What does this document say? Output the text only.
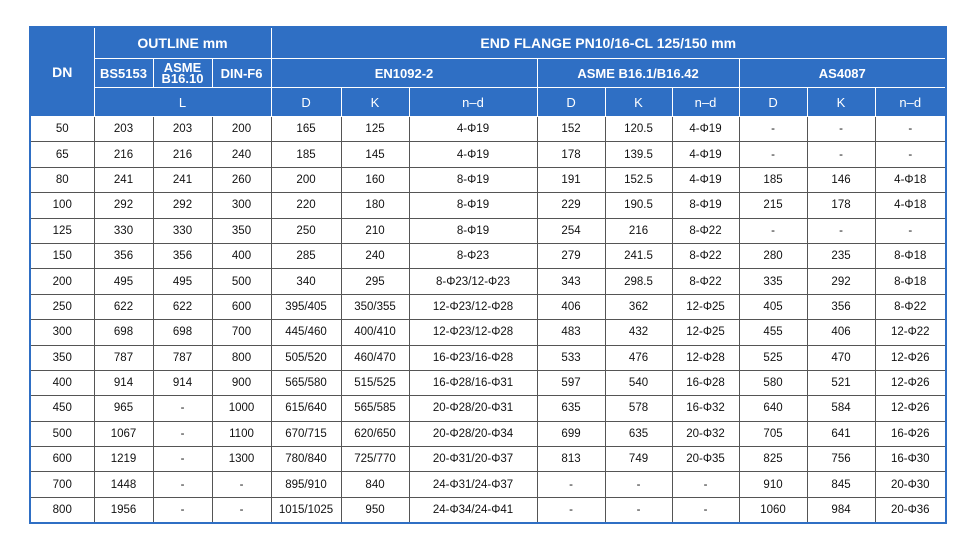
DN	OUTLINE mm			END FLANGE PN10/16-CL 125/150 mm								
	BS5153	ASME
B16.10	DIN-F6	EN1092-2			ASME B16.1/B16.42			AS4087		
	L			D	K	n–d	D	K	n–d	D	K	n–d
50	203	203	200	165	125	4-Φ19	152	120.5	4-Φ19	-	-	-
65	216	216	240	185	145	4-Φ19	178	139.5	4-Φ19	-	-	-
80	241	241	260	200	160	8-Φ19	191	152.5	4-Φ19	185	146	4-Φ18
100	292	292	300	220	180	8-Φ19	229	190.5	8-Φ19	215	178	4-Φ18
125	330	330	350	250	210	8-Φ19	254	216	8-Φ22	-	-	-
150	356	356	400	285	240	8-Φ23	279	241.5	8-Φ22	280	235	8-Φ18
200	495	495	500	340	295	8-Φ23/12-Φ23	343	298.5	8-Φ22	335	292	8-Φ18
250	622	622	600	395/405	350/355	12-Φ23/12-Φ28	406	362	12-Φ25	405	356	8-Φ22
300	698	698	700	445/460	400/410	12-Φ23/12-Φ28	483	432	12-Φ25	455	406	12-Φ22
350	787	787	800	505/520	460/470	16-Φ23/16-Φ28	533	476	12-Φ28	525	470	12-Φ26
400	914	914	900	565/580	515/525	16-Φ28/16-Φ31	597	540	16-Φ28	580	521	12-Φ26
450	965	-	1000	615/640	565/585	20-Φ28/20-Φ31	635	578	16-Φ32	640	584	12-Φ26
500	1067	-	1100	670/715	620/650	20-Φ28/20-Φ34	699	635	20-Φ32	705	641	16-Φ26
600	1219	-	1300	780/840	725/770	20-Φ31/20-Φ37	813	749	20-Φ35	825	756	16-Φ30
700	1448	-	-	895/910	840	24-Φ31/24-Φ37	-	-	-	910	845	20-Φ30
800	1956	-	-	1015/1025	950	24-Φ34/24-Φ41	-	-	-	1060	984	20-Φ36
